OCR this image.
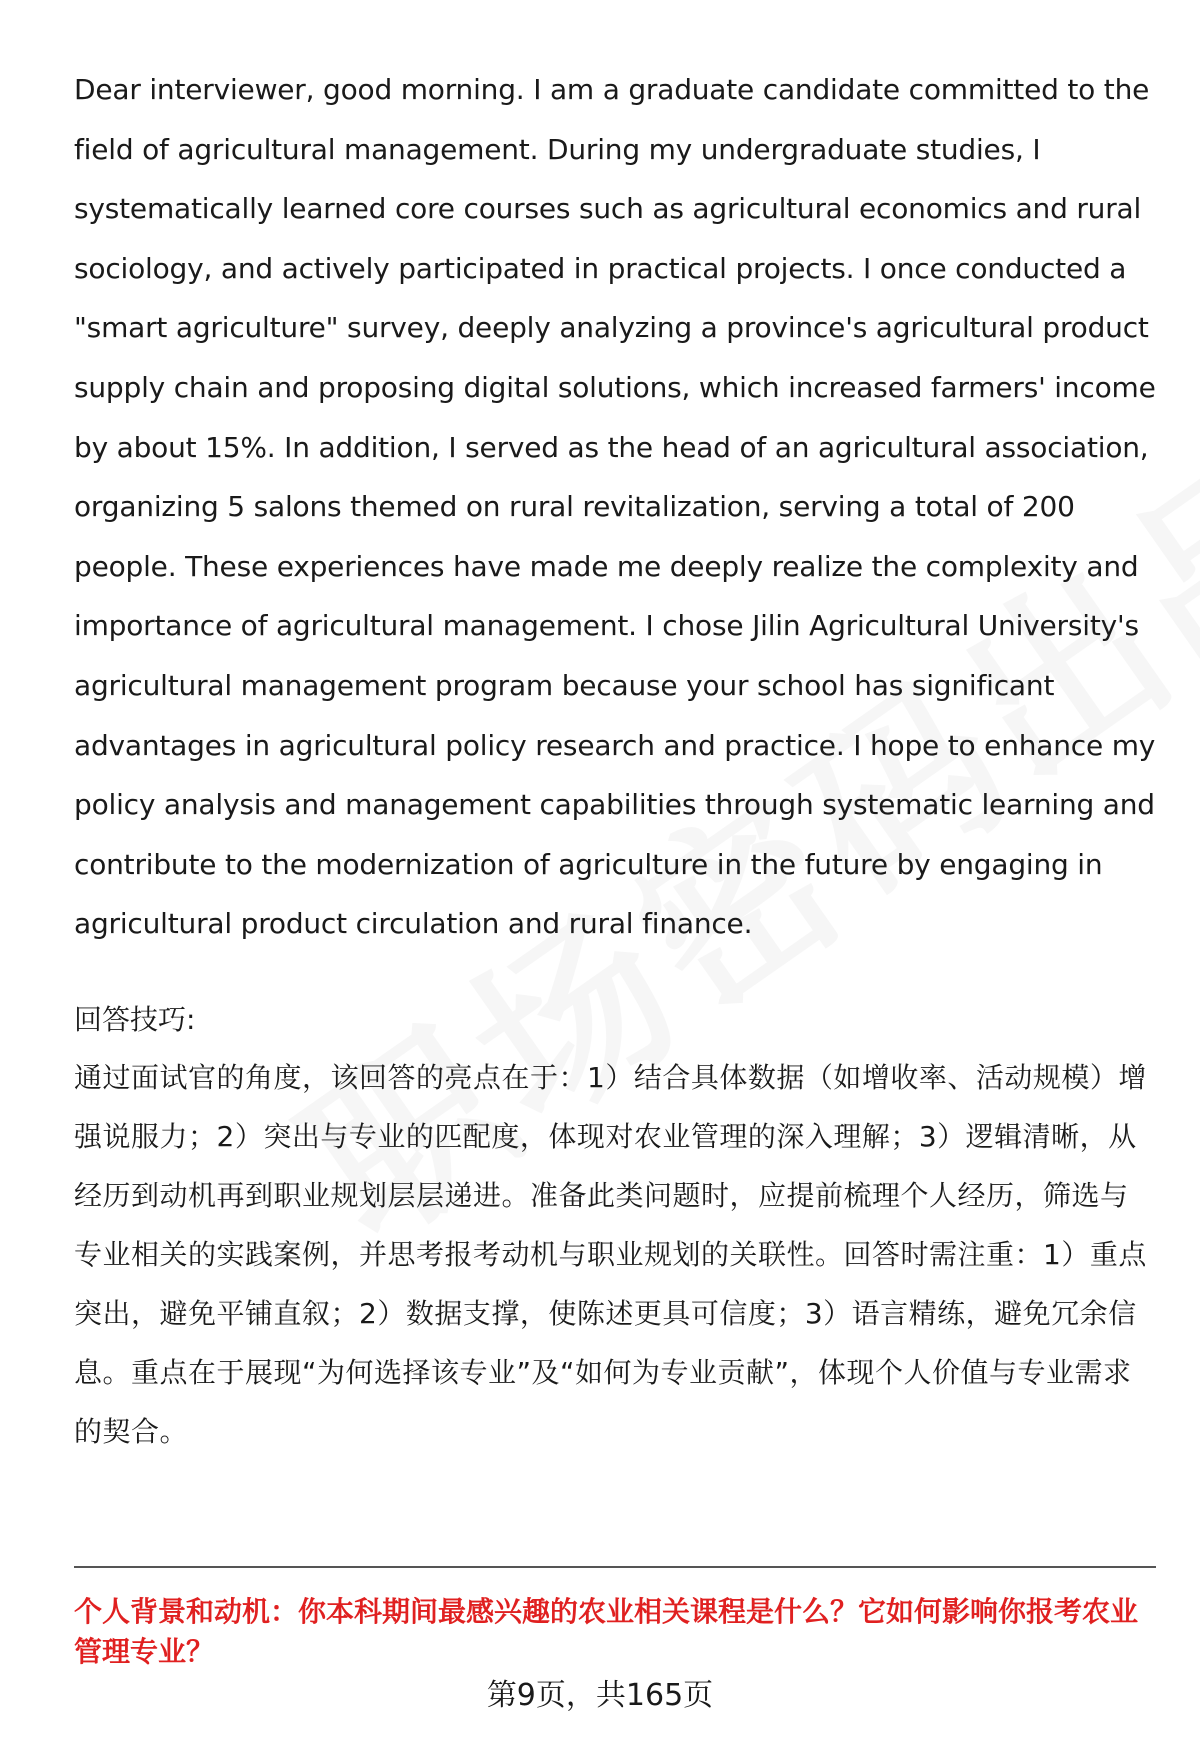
Dear interviewer, good morning. I am a graduate candidate committed to the field of agricultural management. During my undergraduate studies, I systematically learned core courses such as agricultural economics and rural sociology, and actively participated in practical projects. I once conducted a "smart agriculture" survey, deeply analyzing a province's agricultural product supply chain and proposing digital solutions, which increased farmers' income by about 15%. In addition, I served as the head of an agricultural association, organizing 5 salons themed on rural revitalization, serving a total of 200 people. These experiences have made me deeply realize the complexity and importance of agricultural management. I chose Jilin Agricultural University's agricultural management program because your school has significant advantages in agricultural policy research and practice. I hope to enhance my policy analysis and management capabilities through systematic learning and contribute to the modernization of agriculture in the future by engaging in agricultural product circulation and rural finance.

回答技巧:

通过面试官的角度，该回答的亮点在于：1）结合具体数据（如增收率、活动规模）增强说服力；2）突出与专业的匹配度，体现对农业管理的深入理解；3）逻辑清晰，从经历到动机再到职业规划层层递进。准备此类问题时，应提前梳理个人经历，筛选与专业相关的实践案例，并思考报考动机与职业规划的关联性。回答时需注重：1）重点突出，避免平铺直叙；2）数据支撑，使陈述更具可信度；3）语言精练，避免冗余信息。重点在于展现“为何选择该专业”及“如何为专业贡献”，体现个人价值与专业需求的契合。

个人背景和动机：你本科期间最感兴趣的农业相关课程是什么？它如何影响你报考农业管理专业？

第9页，共165页
